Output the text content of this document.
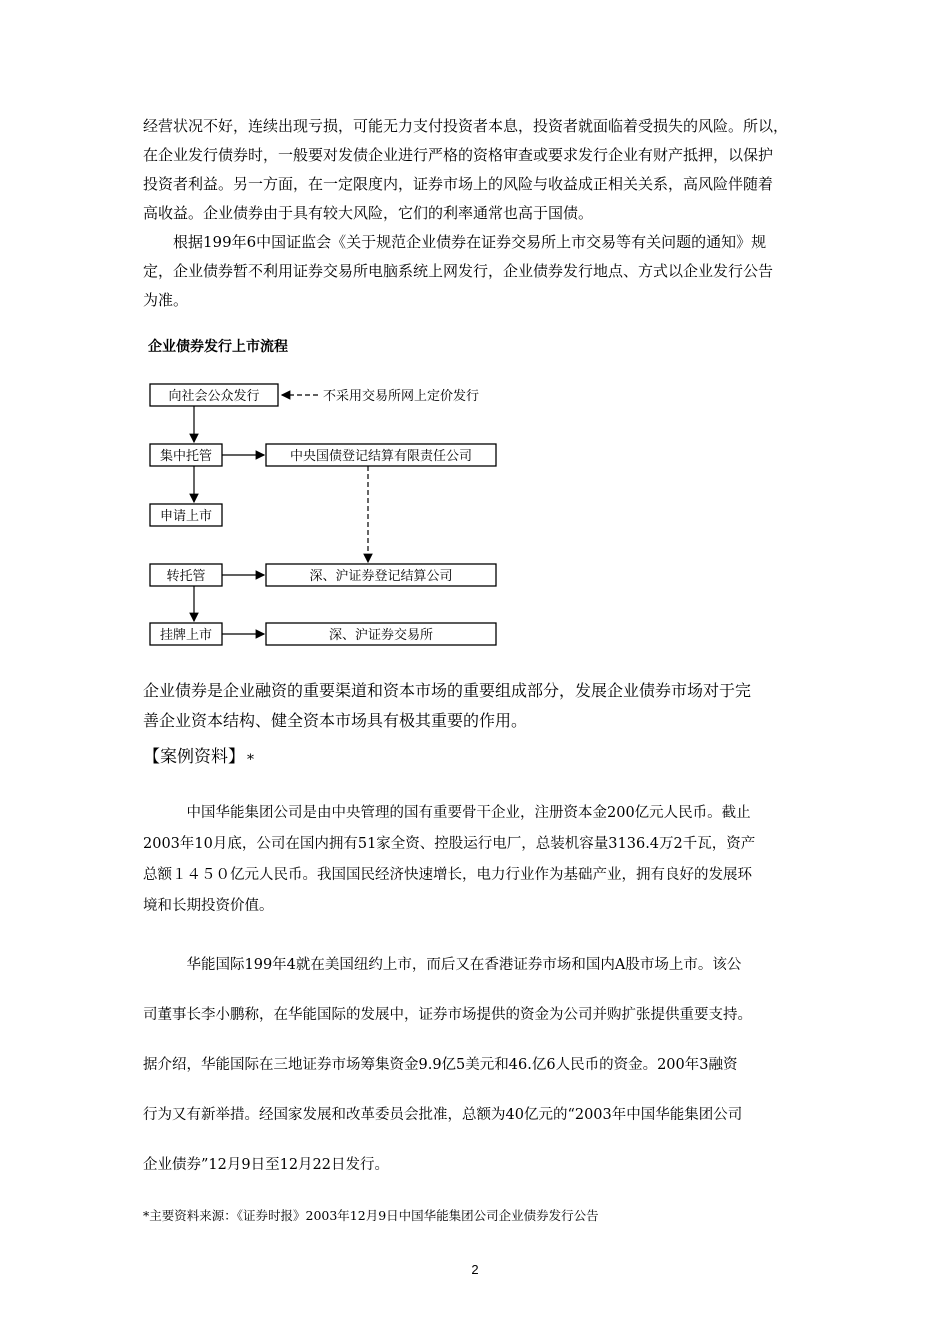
经营状况不好，连续出现亏损，可能无力支付投资者本息，投资者就面临着受损失的风险。所以，
在企业发行债券时，一般要对发债企业进行严格的资格审查或要求发行企业有财产抵押，以保护
投资者利益。另一方面，在一定限度内，证券市场上的风险与收益成正相关关系，高风险伴随着
高收益。企业债券由于具有较大风险，它们的利率通常也高于国债。
　　根据199年6中国证监会《关于规范企业债券在证券交易所上市交易等有关问题的通知》规
定，企业债券暂不利用证券交易所电脑系统上网发行，企业债券发行地点、方式以企业发行公告
为准。
企业债券发行上市流程
向社会公众发行
集中托管
申请上市
转托管
挂牌上市
中央国债登记结算有限责任公司
深、沪证券登记结算公司
深、沪证券交易所
不采用交易所网上定价发行
企业债券是企业融资的重要渠道和资本市场的重要组成部分，发展企业债券市场对于完
善企业资本结构、健全资本市场具有极其重要的作用。
【案例资料】 *
　　　中国华能集团公司是由中央管理的国有重要骨干企业，注册资本金200亿元人民币。截止
2003年10月底，公司在国内拥有51家全资、控股运行电厂，总装机容量3136.4万2千瓦，资产
总额１４５０亿元人民币。我国国民经济快速增长，电力行业作为基础产业，拥有良好的发展环
境和长期投资价值。
　　　华能国际199年4就在美国纽约上市，而后又在香港证券市场和国内A股市场上市。该公
司董事长李小鹏称，在华能国际的发展中，证券市场提供的资金为公司并购扩张提供重要支持。
据介绍，华能国际在三地证券市场筹集资金9.9亿5美元和46.亿6人民币的资金。200年3融资
行为又有新举措。经国家发展和改革委员会批准，总额为40亿元的“2003年中国华能集团公司
企业债券”12月9日至12月22日发行。
*主要资料来源：《证券时报》2003年12月9日中国华能集团公司企业债券发行公告
2
